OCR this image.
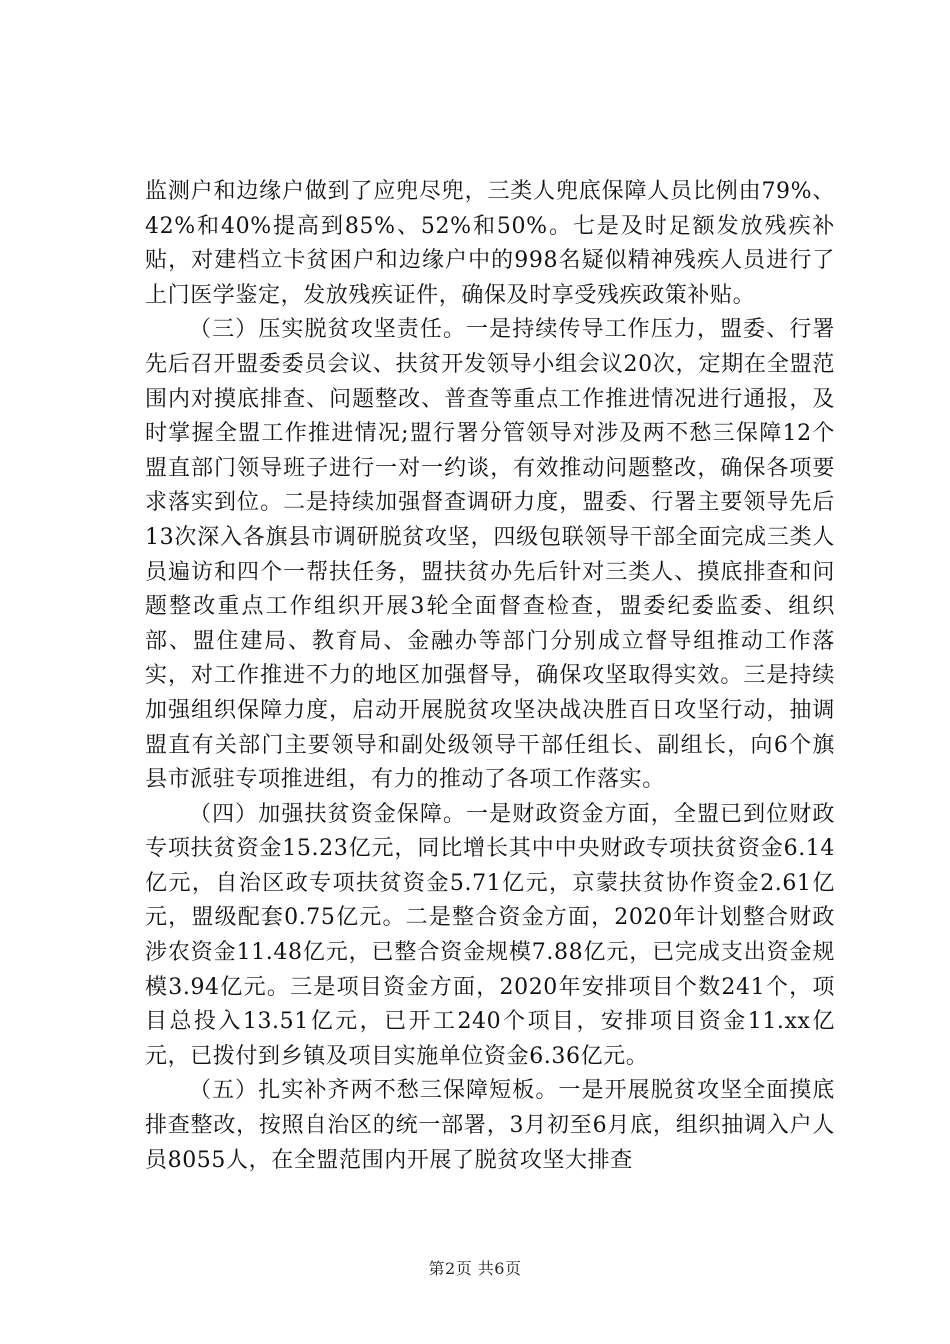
监测户和边缘户做到了应兜尽兜，三类人兜底保障人员比例由79%、42%和40%提高到85%、52%和50%。七是及时足额发放残疾补贴，对建档立卡贫困户和边缘户中的998名疑似精神残疾人员进行了上门医学鉴定，发放残疾证件，确保及时享受残疾政策补贴。

（三）压实脱贫攻坚责任。一是持续传导工作压力，盟委、行署先后召开盟委委员会议、扶贫开发领导小组会议20次，定期在全盟范围内对摸底排查、问题整改、普查等重点工作推进情况进行通报，及时掌握全盟工作推进情况;盟行署分管领导对涉及两不愁三保障12个盟直部门领导班子进行一对一约谈，有效推动问题整改，确保各项要求落实到位。二是持续加强督查调研力度，盟委、行署主要领导先后13次深入各旗县市调研脱贫攻坚，四级包联领导干部全面完成三类人员遍访和四个一帮扶任务，盟扶贫办先后针对三类人、摸底排查和问题整改重点工作组织开展3轮全面督查检查，盟委纪委监委、组织部、盟住建局、教育局、金融办等部门分别成立督导组推动工作落实，对工作推进不力的地区加强督导，确保攻坚取得实效。三是持续加强组织保障力度，启动开展脱贫攻坚决战决胜百日攻坚行动，抽调盟直有关部门主要领导和副处级领导干部任组长、副组长，向6个旗县市派驻专项推进组，有力的推动了各项工作落实。

（四）加强扶贫资金保障。一是财政资金方面，全盟已到位财政专项扶贫资金15.23亿元，同比增长其中中央财政专项扶贫资金6.14亿元，自治区政专项扶贫资金5.71亿元，京蒙扶贫协作资金2.61亿元，盟级配套0.75亿元。二是整合资金方面，2020年计划整合财政涉农资金11.48亿元，已整合资金规模7.88亿元，已完成支出资金规模3.94亿元。三是项目资金方面，2020年安排项目个数241个，项目总投入13.51亿元，已开工240个项目，安排项目资金11.xx亿元，已拨付到乡镇及项目实施单位资金6.36亿元。

（五）扎实补齐两不愁三保障短板。一是开展脱贫攻坚全面摸底排查整改，按照自治区的统一部署，3月初至6月底，组织抽调入户人员8055人，在全盟范围内开展了脱贫攻坚大排查

第2页 共6页
